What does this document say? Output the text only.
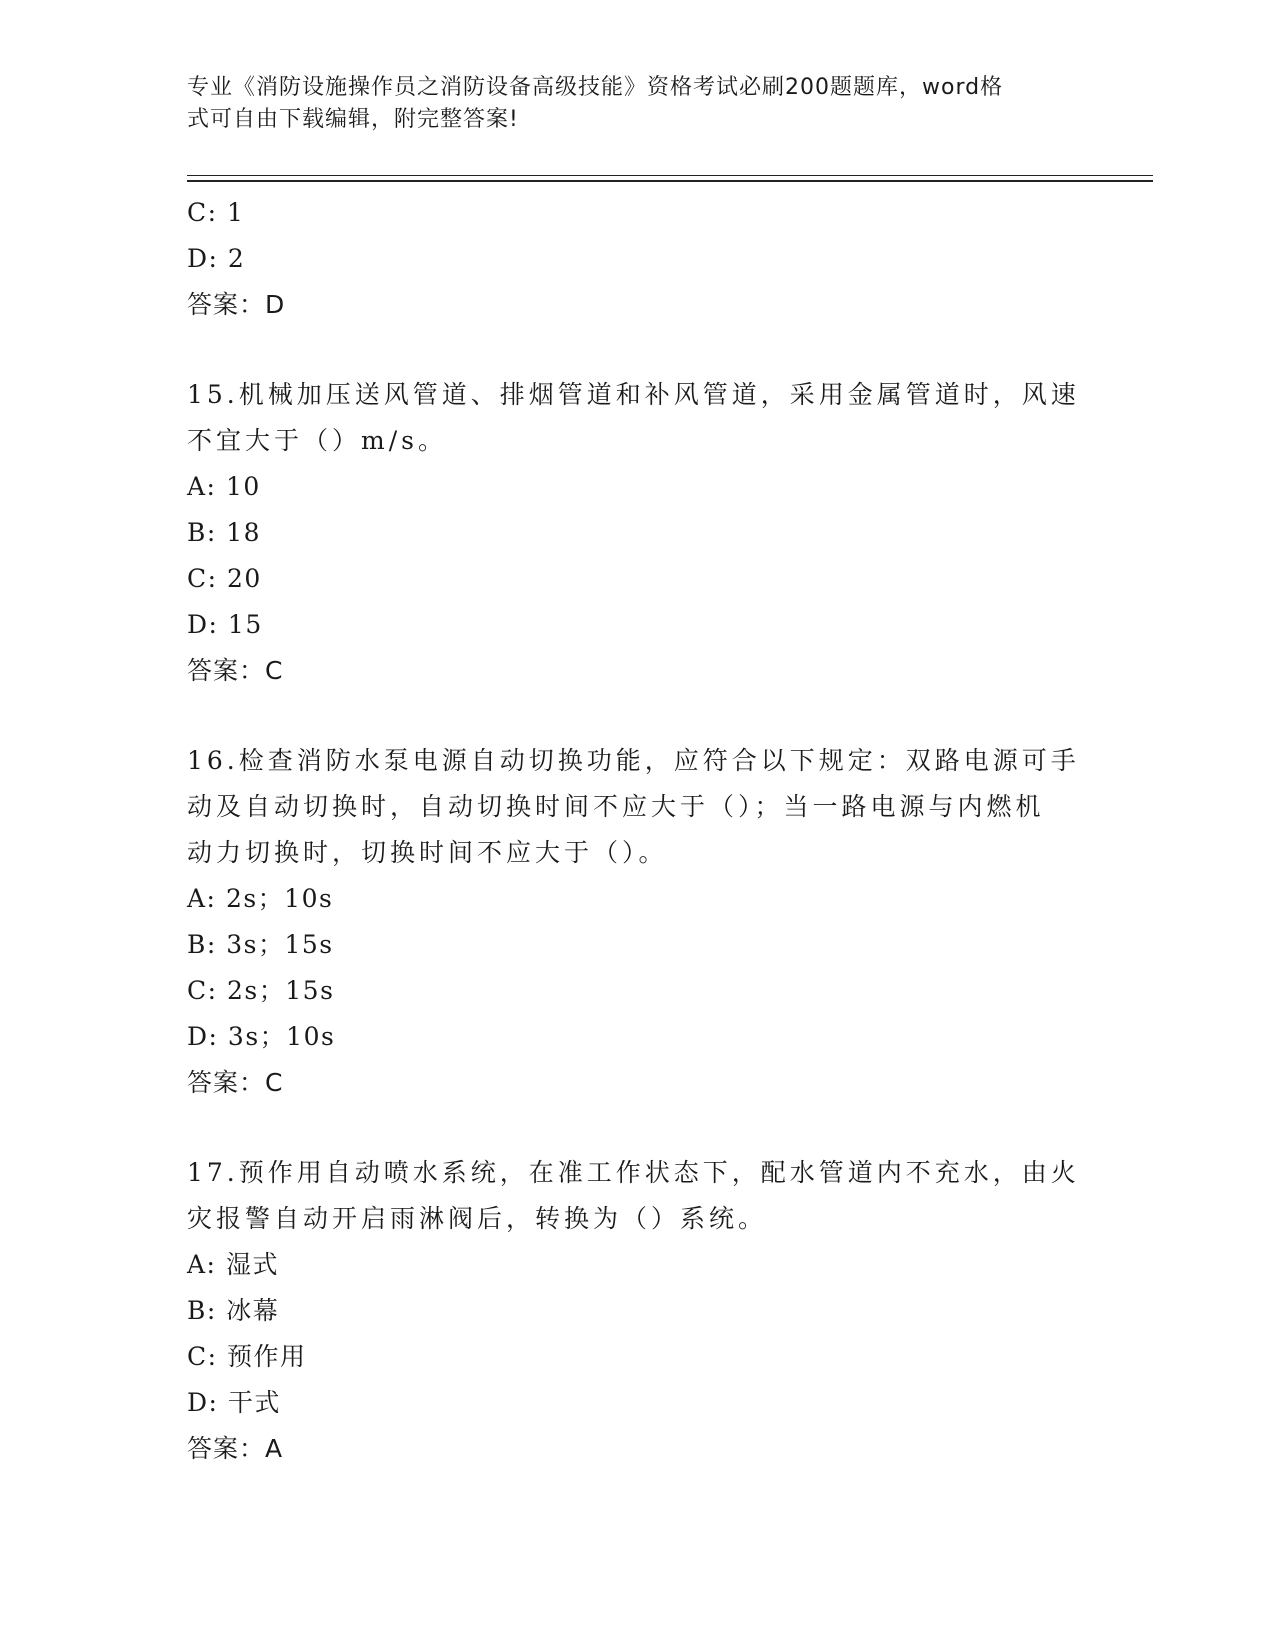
专业《消防设施操作员之消防设备高级技能》资格考试必刷200题题库，word格
式可自由下载编辑，附完整答案!
C: 1
D: 2
答案：D
15.机械加压送风管道、排烟管道和补风管道，采用金属管道时，风速
不宜大于（）m/s。
A: 10
B: 18
C: 20
D: 15
答案：C
16.检查消防水泵电源自动切换功能，应符合以下规定：双路电源可手
动及自动切换时，自动切换时间不应大于（）；当一路电源与内燃机
动力切换时，切换时间不应大于（）。
A: 2s；10s
B: 3s；15s
C: 2s；15s
D: 3s；10s
答案：C
17.预作用自动喷水系统，在准工作状态下，配水管道内不充水，由火
灾报警自动开启雨淋阀后，转换为（）系统。
A: 湿式
B: 冰幕
C: 预作用
D: 干式
答案：A
